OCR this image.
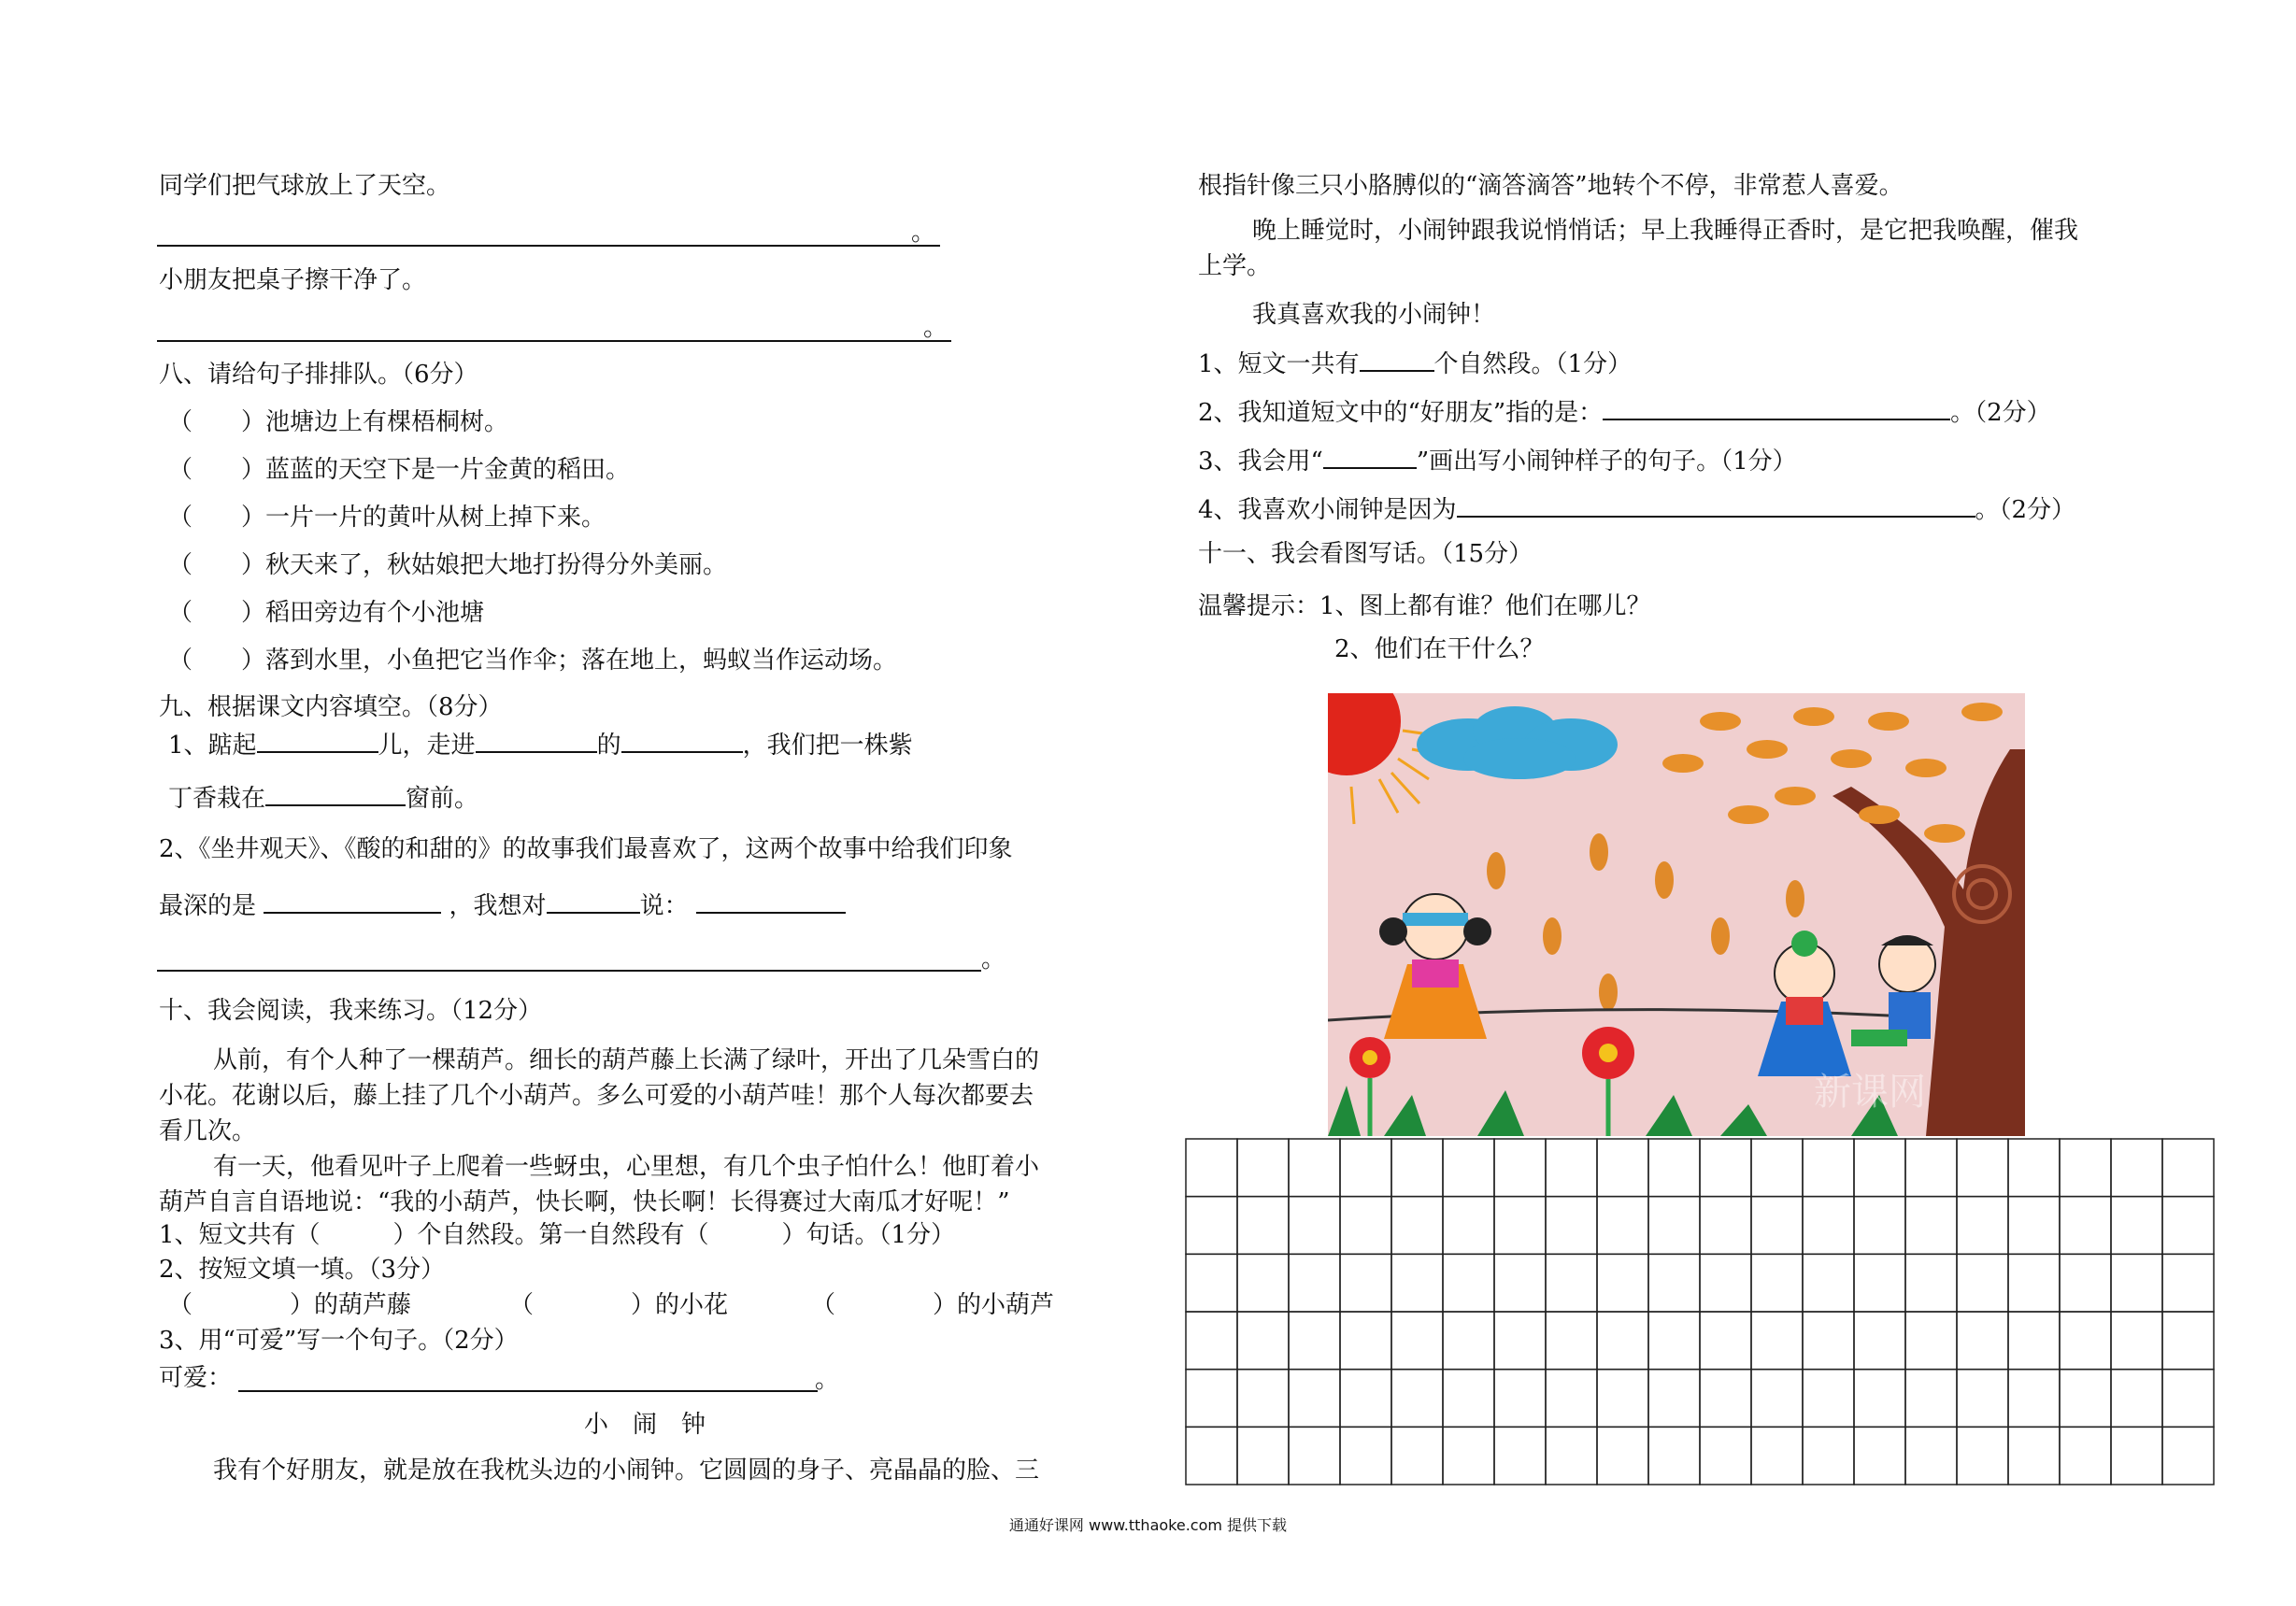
同学们把气球放上了天空。
。
小朋友把桌子擦干净了。
。
八、请给句子排排队。（6分）
（　　）池塘边上有棵梧桐树。
（　　）蓝蓝的天空下是一片金黄的稻田。
（　　）一片一片的黄叶从树上掉下来。
（　　）秋天来了，秋姑娘把大地打扮得分外美丽。
（　　）稻田旁边有个小池塘
（　　）落到水里，小鱼把它当作伞；落在地上，蚂蚁当作运动场。
九、根据课文内容填空。（8分）
1、踮起	儿，走进	的	，我们把一株紫
丁香栽在	窗前。
2、《坐井观天》、《酸的和甜的》的故事我们最喜欢了，这两个故事中给我们印象
最深的是	，我想对	说：
。
十、我会阅读，我来练习。（12分）
从前，有个人种了一棵葫芦。细长的葫芦藤上长满了绿叶，开出了几朵雪白的
小花。花谢以后，藤上挂了几个小葫芦。多么可爱的小葫芦哇！那个人每次都要去
看几次。
有一天，他看见叶子上爬着一些蚜虫，心里想，有几个虫子怕什么！他盯着小
葫芦自言自语地说：“我的小葫芦，快长啊，快长啊！长得赛过大南瓜才好呢！”
1、短文共有（　　　）个自然段。第一自然段有（　　　）句话。（1分）
2、按短文填一填。（3分）
（　　　　）的葫芦藤	（　　　　）的小花	（　　　　）的小葫芦
3、用“可爱”写一个句子。（2分）
可爱：	。
小　闹　钟
我有个好朋友，就是放在我枕头边的小闹钟。它圆圆的身子、亮晶晶的脸、三
根指针像三只小胳膊似的“滴答滴答”地转个不停，非常惹人喜爱。
晚上睡觉时，小闹钟跟我说悄悄话；早上我睡得正香时，是它把我唤醒，催我
上学。
我真喜欢我的小闹钟！
1、短文一共有	个自然段。（1分）
2、我知道短文中的“好朋友”指的是：	。（2分）
3、我会用“	”画出写小闹钟样子的句子。（1分）
4、我喜欢小闹钟是因为	。（2分）
十一、我会看图写话。（15分）
温馨提示：1、图上都有谁？他们在哪儿？
2、他们在干什么？
新课网
通通好课网 www.tthaoke.com 提供下载
